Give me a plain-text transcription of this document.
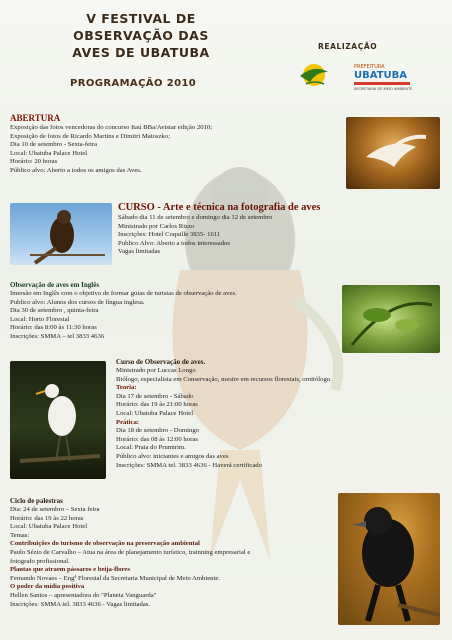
V FESTIVAL DE
OBSERVAÇÃO DAS
AVES DE UBATUBA
PROGRAMAÇÃO 2010
REALIZAÇÃO
PREFEITURA
UBATUBA
SECRETARIA DE MEIO AMBIENTE
ABERTURA
Exposição das fotos vencedoras do concurso Itaú BBa/Avistar edição 2010;
Exposição de fotos de Ricardo Martins e Dimitri Matoszko;
Dia 10 de setembro - Sexta-feira
Local: Ubatuba Palace Hotel
Horário: 20 horas
Público alvo: Aberto a todos os amigos das Aves.
CURSO - Arte e técnica na fotografia de aves
Sábado dia 11 de setembro e domingo dia 12 de setembro
Ministrado por Carlos Rizzo
Inscrições: Hotel Coquille 3835- 1611
Publico Alvo: Aberto a todos interessados
Vagas limitadas
Observação de aves em Inglês
Imersão em Inglês com o objetivo de formar guias de turistas de observação de aves.
Publico alvo: Alunos dos cursos de língua inglesa.
Dia 30 de setembro , quinta-feira
Local: Horto Florestal
Horário: das 8:00 às 11:30 horas
Inscrições: SMMA – tel 3833 4636
Curso de Observação de aves.
Ministrado por Luccas Longo
Biólogo, especialista em Conservação, mestre em recursos florestais, ornitólogo.
Teoria:
Dia 17 de setembro - Sábado
Horário: das 19 às 21:00 horas
Local: Ubatuba Palace Hotel
Prática:
Dia 18 de setembro - Domingo
Horário: das 08 às 12:00 horas
Local: Praia do Prumirim.
Público alvo: iniciantes e amigos das aves
Inscrições: SMMA tel. 3833 4636 - Haverá certificado
Ciclo de palestras
Dia: 24 de setembro – Sexta feira
Horário: das 19 às 22 horas
Local: Ubatuba Palace Hotel
Temas:
Contribuições do turismo de observação na preservação ambiental
Paulo Sézio de Carvalho – Atua na área de planejamento turístico, trainning empresarial e
fotografo profissional.
Plantas que atraem pássaros e beija-flores
Fernando Novaes – Engª Florestal da Secretaria Municipal de Meio Ambiente.
O poder da mídia positiva
Hellen Santos – apresentadora do "Planeta Vanguarda"
Inscrições: SMMA tel. 3833 4636 - Vagas limitadas.
